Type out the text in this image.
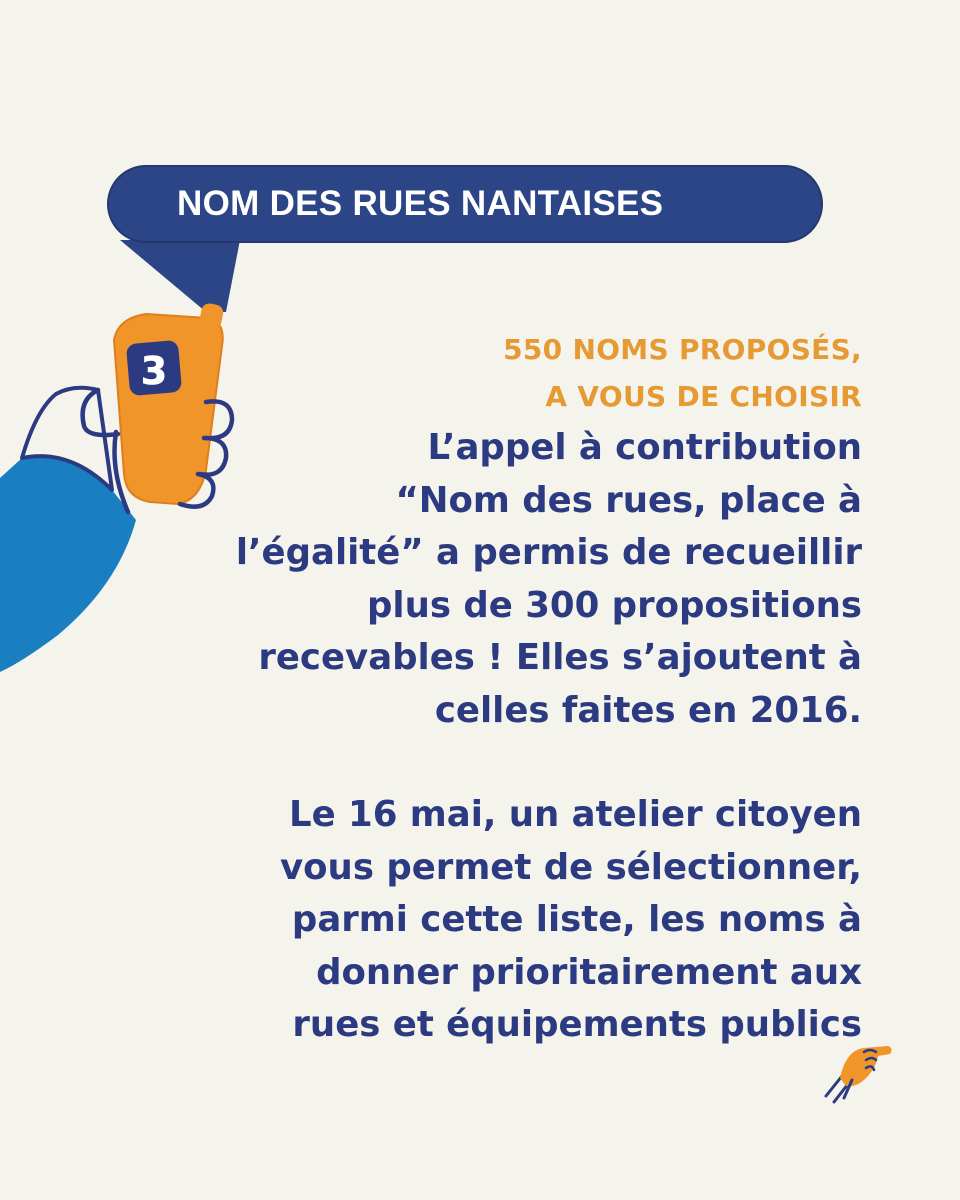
3
NOM DES RUES NANTAISES
550 NOMS PROPOSÉS,
A VOUS DE CHOISIR
L’appel à contribution
“Nom des rues, place à
l’égalité” a permis de recueillir
plus de 300 propositions
recevables ! Elles s’ajoutent à
celles faites en 2016.
Le 16 mai, un atelier citoyen
vous permet de sélectionner,
parmi cette liste, les noms à
donner prioritairement aux
rues et équipements publics
